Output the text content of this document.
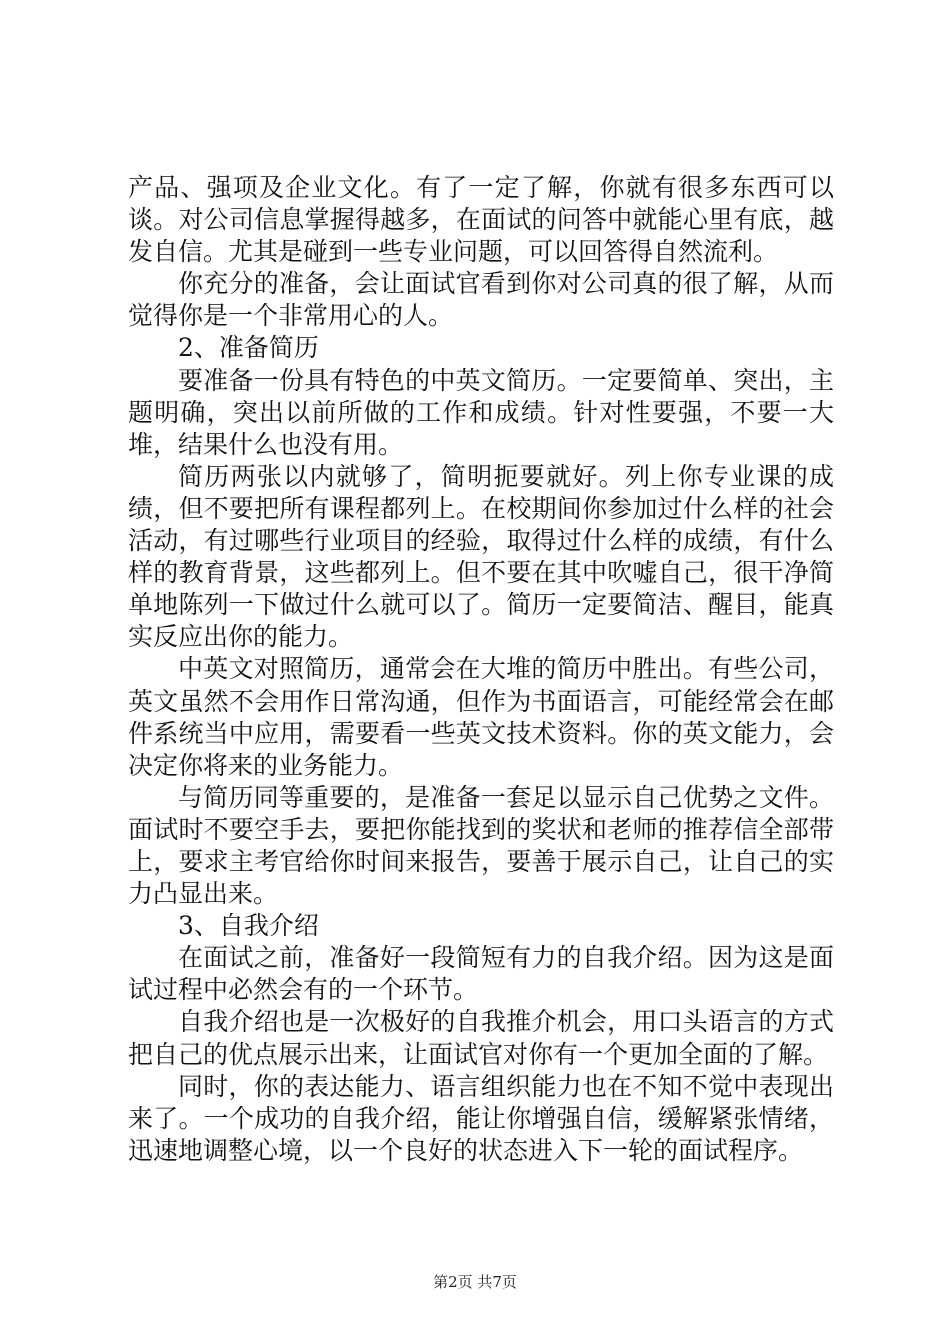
产品、强项及企业文化。有了一定了解，你就有很多东西可以谈。对公司信息掌握得越多，在面试的问答中就能心里有底，越发自信。尤其是碰到一些专业问题，可以回答得自然流利。

你充分的准备，会让面试官看到你对公司真的很了解，从而觉得你是一个非常用心的人。

2、准备简历

要准备一份具有特色的中英文简历。一定要简单、突出，主题明确，突出以前所做的工作和成绩。针对性要强，不要一大堆，结果什么也没有用。

简历两张以内就够了，简明扼要就好。列上你专业课的成绩，但不要把所有课程都列上。在校期间你参加过什么样的社会活动，有过哪些行业项目的经验，取得过什么样的成绩，有什么样的教育背景，这些都列上。但不要在其中吹嘘自己，很干净简单地陈列一下做过什么就可以了。简历一定要简洁、醒目，能真实反应出你的能力。

中英文对照简历，通常会在大堆的简历中胜出。有些公司，英文虽然不会用作日常沟通，但作为书面语言，可能经常会在邮件系统当中应用，需要看一些英文技术资料。你的英文能力，会决定你将来的业务能力。

与简历同等重要的，是准备一套足以显示自己优势之文件。面试时不要空手去，要把你能找到的奖状和老师的推荐信全部带上，要求主考官给你时间来报告，要善于展示自己，让自己的实力凸显出来。

3、自我介绍

在面试之前，准备好一段简短有力的自我介绍。因为这是面试过程中必然会有的一个环节。

自我介绍也是一次极好的自我推介机会，用口头语言的方式把自己的优点展示出来，让面试官对你有一个更加全面的了解。

同时，你的表达能力、语言组织能力也在不知不觉中表现出来了。一个成功的自我介绍，能让你增强自信，缓解紧张情绪，迅速地调整心境，以一个良好的状态进入下一轮的面试程序。

第2页 共7页
